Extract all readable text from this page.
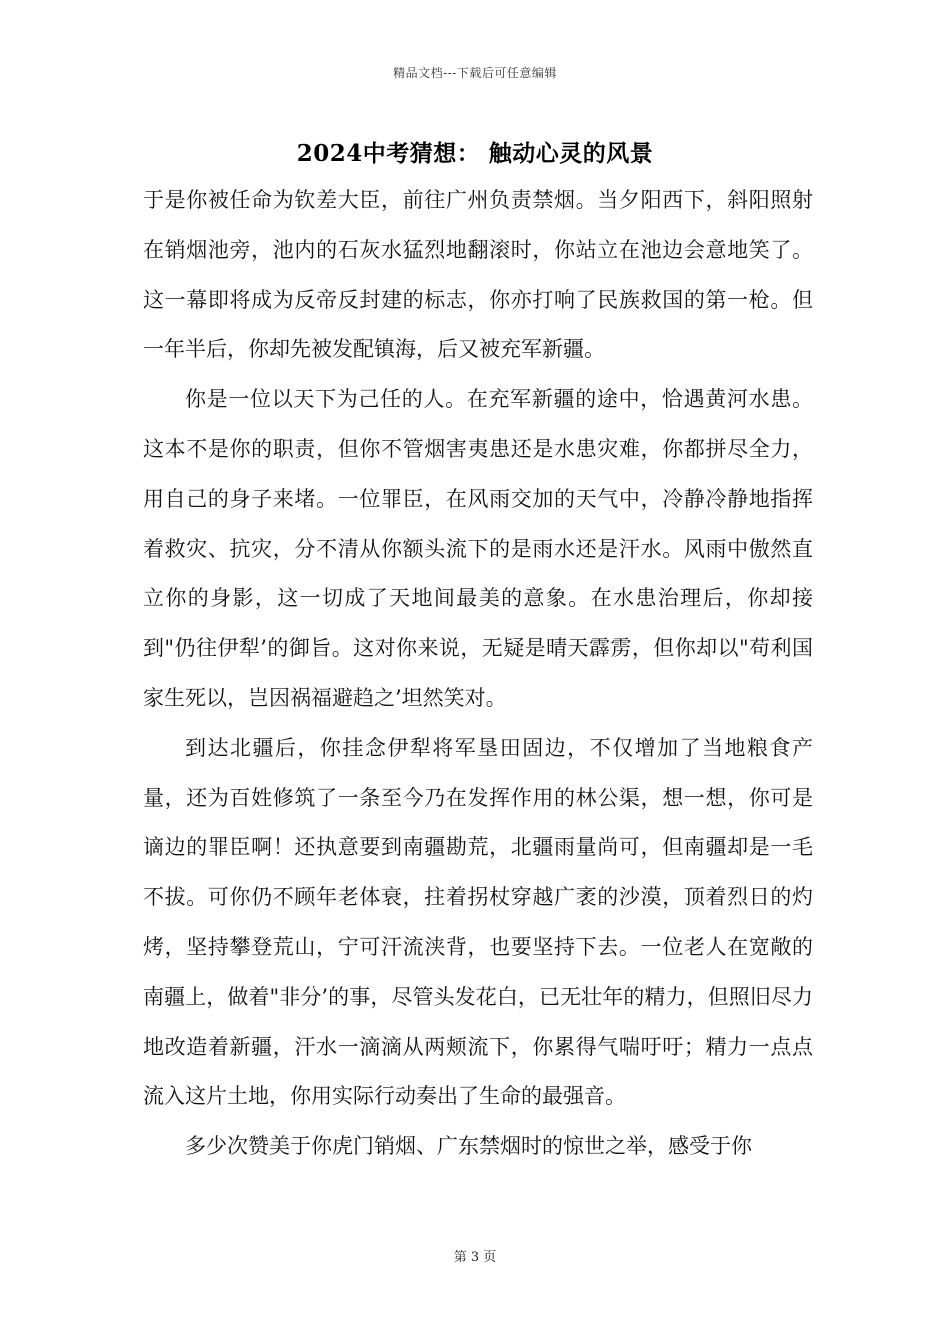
精品文档---下载后可任意编辑
2024中考猜想： 触动心灵的风景

于是你被任命为钦差大臣，前往广州负责禁烟。当夕阳西下，斜阳照射在销烟池旁，池内的石灰水猛烈地翻滚时，你站立在池边会意地笑了。这一幕即将成为反帝反封建的标志，你亦打响了民族救国的第一枪。但一年半后，你却先被发配镇海，后又被充军新疆。

你是一位以天下为己任的人。在充军新疆的途中，恰遇黄河水患。这本不是你的职责，但你不管烟害夷患还是水患灾难，你都拼尽全力，用自己的身子来堵。一位罪臣，在风雨交加的天气中，冷静冷静地指挥着救灾、抗灾，分不清从你额头流下的是雨水还是汗水。风雨中傲然直立你的身影，这一切成了天地间最美的意象。在水患治理后，你却接到"仍往伊犁’的御旨。这对你来说，无疑是晴天霹雳，但你却以"苟利国家生死以，岂因祸福避趋之’坦然笑对。

到达北疆后，你挂念伊犁将军垦田固边，不仅增加了当地粮食产量，还为百姓修筑了一条至今乃在发挥作用的林公渠，想一想，你可是谪边的罪臣啊！还执意要到南疆勘荒，北疆雨量尚可，但南疆却是一毛不拔。可你仍不顾年老体衰，拄着拐杖穿越广袤的沙漠，顶着烈日的灼烤，坚持攀登荒山，宁可汗流浃背，也要坚持下去。一位老人在宽敞的南疆上，做着"非分’的事，尽管头发花白，已无壮年的精力，但照旧尽力地改造着新疆，汗水一滴滴从两颊流下，你累得气喘吁吁；精力一点点流入这片土地，你用实际行动奏出了生命的最强音。

多少次赞美于你虎门销烟、广东禁烟时的惊世之举，感受于你

第 3 页
